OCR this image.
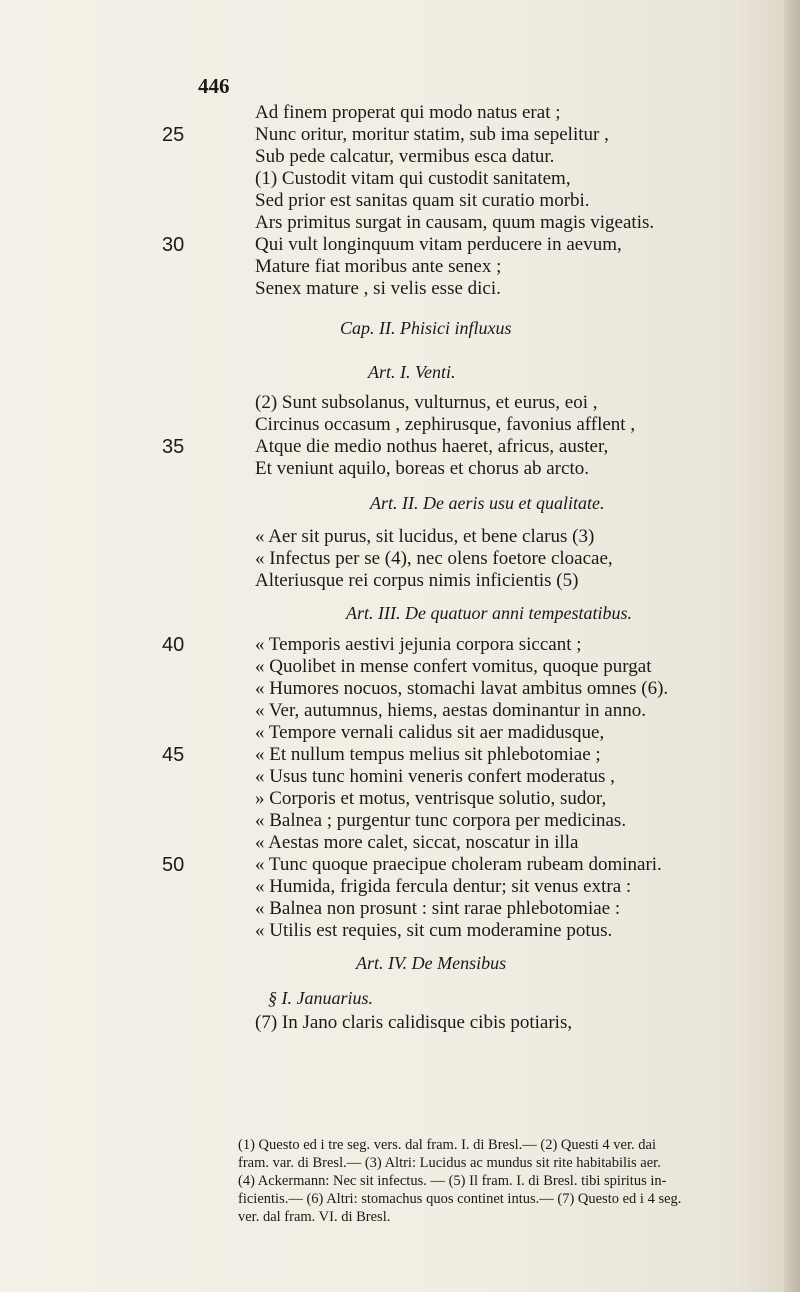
446
Ad finem properat qui modo natus erat ;
25	Nunc oritur, moritur statim, sub ima sepelitur ,
Sub pede calcatur, vermibus esca datur.
(1) Custodit vitam qui custodit sanitatem,
Sed prior est sanitas quam sit curatio morbi.
Ars primitus surgat in causam, quum magis vigeatis.
30	Qui vult longinquum vitam perducere in aevum,
Mature fiat moribus ante senex ;
Senex mature , si velis esse dici.
Cap. II. Phisici influxus
Art. I. Venti.
(2) Sunt subsolanus, vulturnus, et eurus, eoi ,
Circinus occasum , zephirusque, favonius afflent ,
35	Atque die medio nothus haeret, africus, auster,
Et veniunt aquilo, boreas et chorus ab arcto.
Art. II. De aeris usu et qualitate.
« Aer sit purus, sit lucidus, et bene clarus (3)
« Infectus per se (4), nec olens foetore cloacae,
Alteriusque rei corpus nimis inficientis (5)
Art. III. De quatuor anni tempestatibus.
40	« Temporis aestivi jejunia corpora siccant ;
« Quolibet in mense confert vomitus, quoque purgat
« Humores nocuos, stomachi lavat ambitus omnes (6).
« Ver, autumnus, hiems, aestas dominantur in anno.
« Tempore vernali calidus sit aer madidusque,
45	« Et nullum tempus melius sit phlebotomiae ;
« Usus tunc homini veneris confert moderatus ,
» Corporis et motus, ventrisque solutio, sudor,
« Balnea ; purgentur tunc corpora per medicinas.
« Aestas more calet, siccat, noscatur in illa
50	« Tunc quoque praecipue choleram rubeam dominari.
« Humida, frigida fercula dentur; sit venus extra :
« Balnea non prosunt : sint rarae phlebotomiae :
« Utilis est requies, sit cum moderamine potus.
Art. IV. De Mensibus
§ I. Januarius.
(7) In Jano claris calidisque cibis potiaris,
(1) Questo ed i tre seg. vers. dal fram. I. di Bresl.— (2) Questi 4 ver. dai
fram. var. di Bresl.— (3) Altri: Lucidus ac mundus sit rite habitabilis aer.
(4) Ackermann: Nec sit infectus. — (5) Il fram. I. di Bresl. tibi spiritus in-
ficientis.— (6) Altri: stomachus quos continet intus.— (7) Questo ed i 4 seg.
ver. dal fram. VI. di Bresl.
